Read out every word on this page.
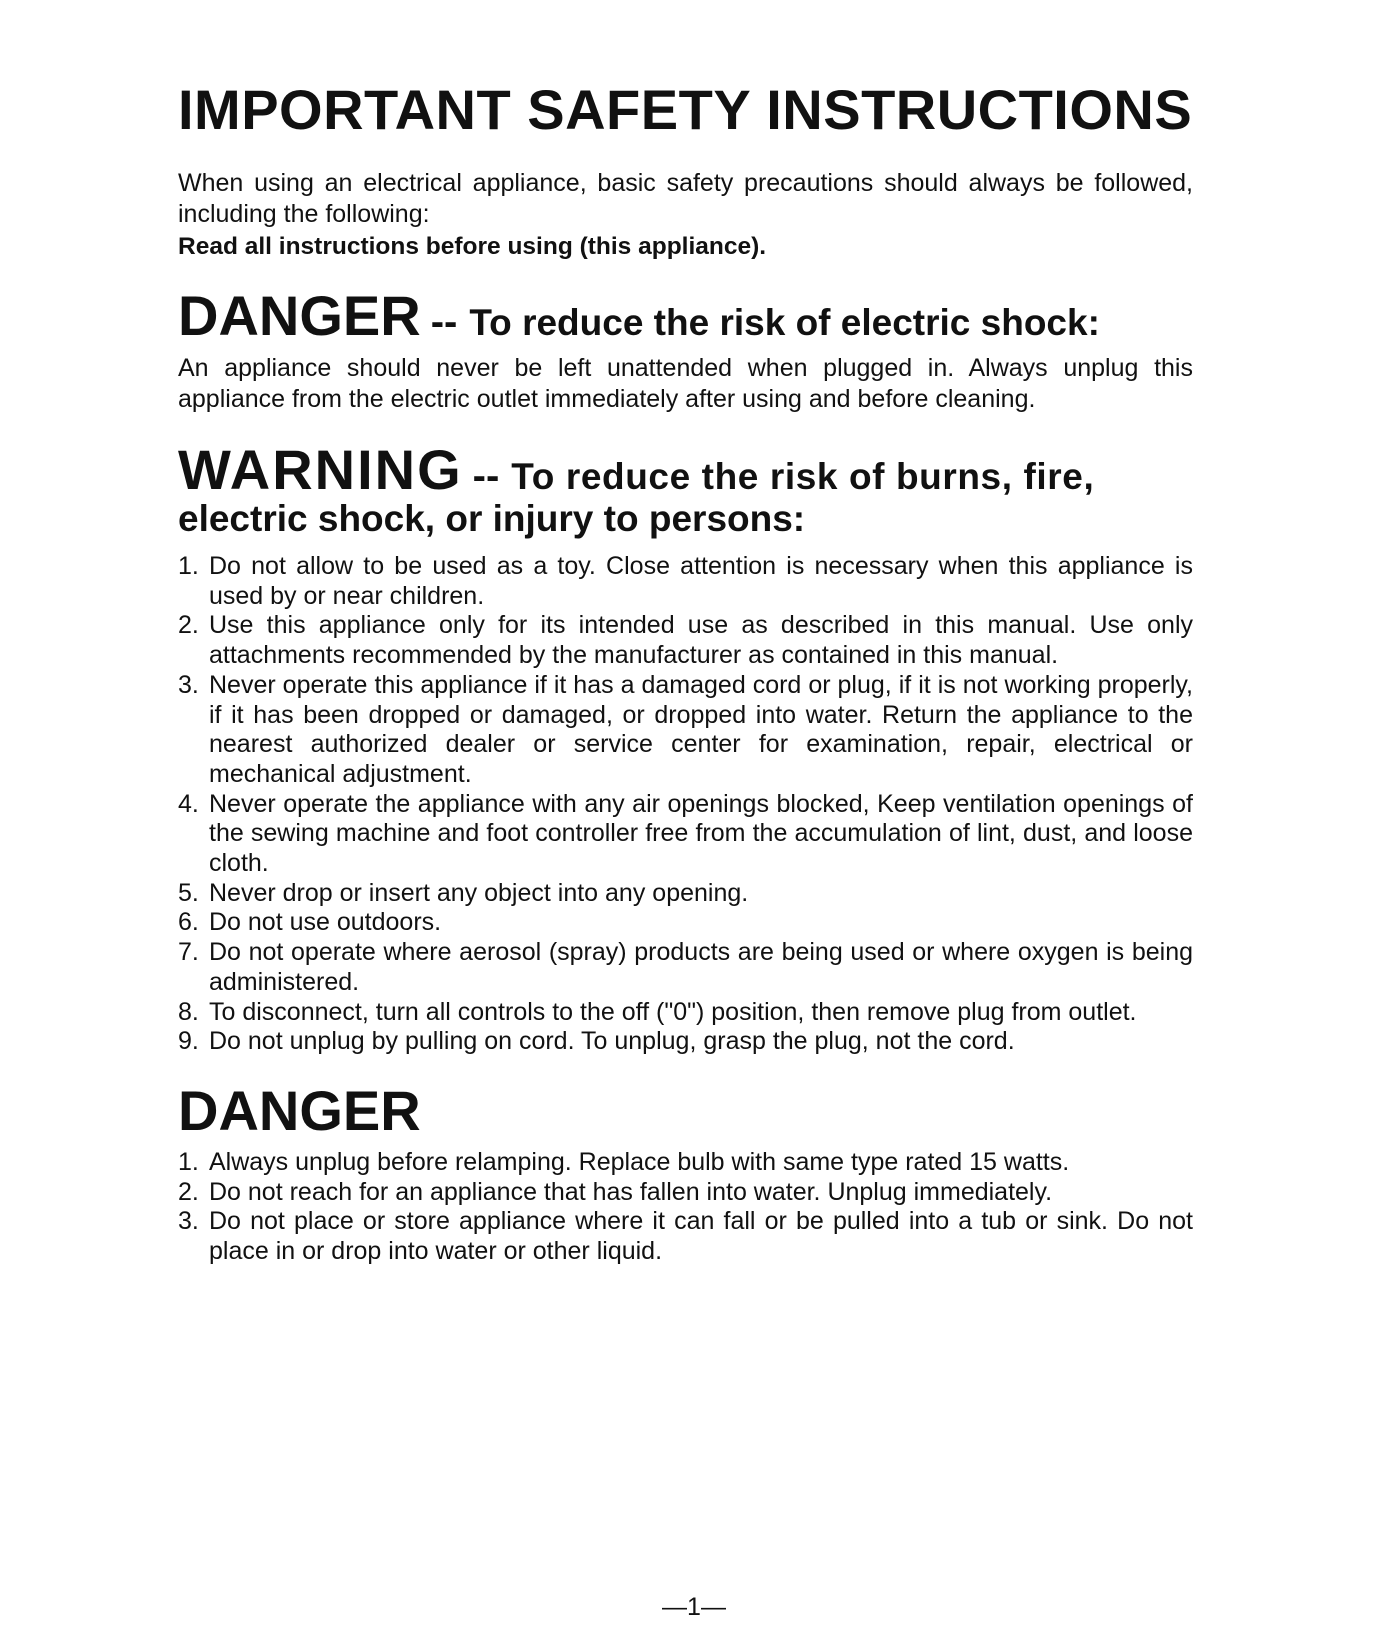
IMPORTANT SAFETY INSTRUCTIONS

When using an electrical appliance, basic safety precautions should always be followed, including the following:

Read all instructions before using (this appliance).

DANGER -- To reduce the risk of electric shock:

An appliance should never be left unattended when plugged in. Always unplug this appliance from the electric outlet immediately after using and before cleaning.

WARNING -- To reduce the risk of burns, fire,
electric shock, or injury to persons:
1. Do not allow to be used as a toy. Close attention is necessary when this appliance is used by or near children.
2. Use this appliance only for its intended use as described in this manual. Use only attachments recommended by the manufacturer as contained in this manual.
3. Never operate this appliance if it has a damaged cord or plug, if it is not working properly, if it has been dropped or damaged, or dropped into water. Return the appliance to the nearest authorized dealer or service center for examination, repair, electrical or mechanical adjustment.
4. Never operate the appliance with any air openings blocked, Keep ventilation openings of the sewing machine and foot controller free from the accumulation of lint, dust, and loose cloth.
5. Never drop or insert any object into any opening.
6. Do not use outdoors.
7. Do not operate where aerosol (spray) products are being used or where oxygen is being administered.
8. To disconnect, turn all controls to the off ("0") position, then remove plug from outlet.
9. Do not unplug by pulling on cord. To unplug, grasp the plug, not the cord.
DANGER
1. Always unplug before relamping. Replace bulb with same type rated 15 watts.
2. Do not reach for an appliance that has fallen into water. Unplug immediately.
3. Do not place or store appliance where it can fall or be pulled into a tub or sink. Do not place in or drop into water or other liquid.

—1—
